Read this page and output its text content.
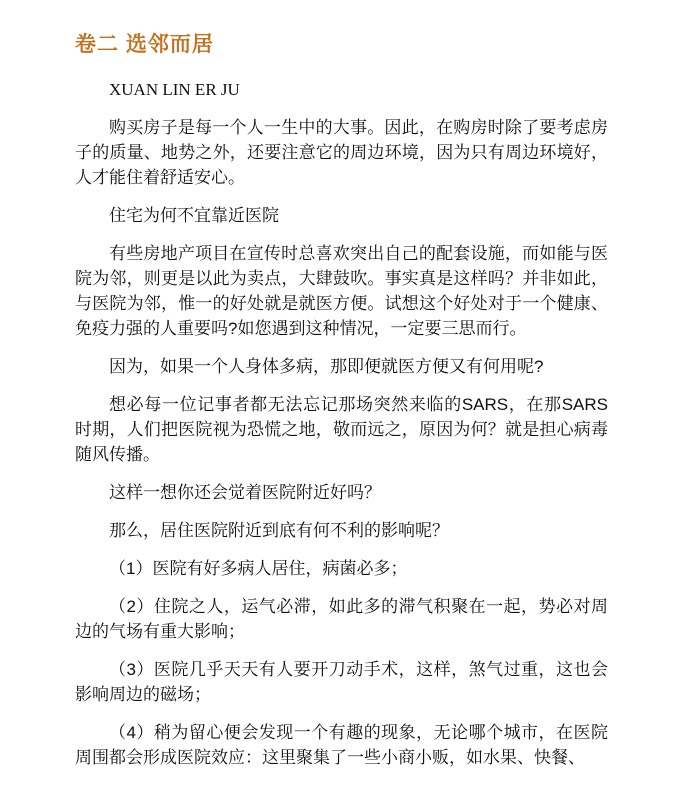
卷二 选邻而居

XUAN LIN ER JU

购买房子是每一个人一生中的大事。因此，在购房时除了要考虑房子的质量、地势之外，还要注意它的周边环境，因为只有周边环境好，人才能住着舒适安心。

住宅为何不宜靠近医院

有些房地产项目在宣传时总喜欢突出自己的配套设施，而如能与医院为邻，则更是以此为卖点，大肆鼓吹。事实真是这样吗？并非如此，与医院为邻，惟一的好处就是就医方便。试想这个好处对于一个健康、免疫力强的人重要吗?如您遇到这种情况，一定要三思而行。

因为，如果一个人身体多病，那即便就医方便又有何用呢?

想必每一位记事者都无法忘记那场突然来临的SARS，在那SARS时期，人们把医院视为恐慌之地，敬而远之，原因为何？就是担心病毒随风传播。

这样一想你还会觉着医院附近好吗？

那么，居住医院附近到底有何不利的影响呢？

（1）医院有好多病人居住，病菌必多；

（2）住院之人，运气必滞，如此多的滞气积聚在一起，势必对周边的气场有重大影响；

（3）医院几乎天天有人要开刀动手术，这样，煞气过重，这也会影响周边的磁场；

（4）稍为留心便会发现一个有趣的现象，无论哪个城市，在医院周围都会形成医院效应：这里聚集了一些小商小贩，如水果、快餐、
